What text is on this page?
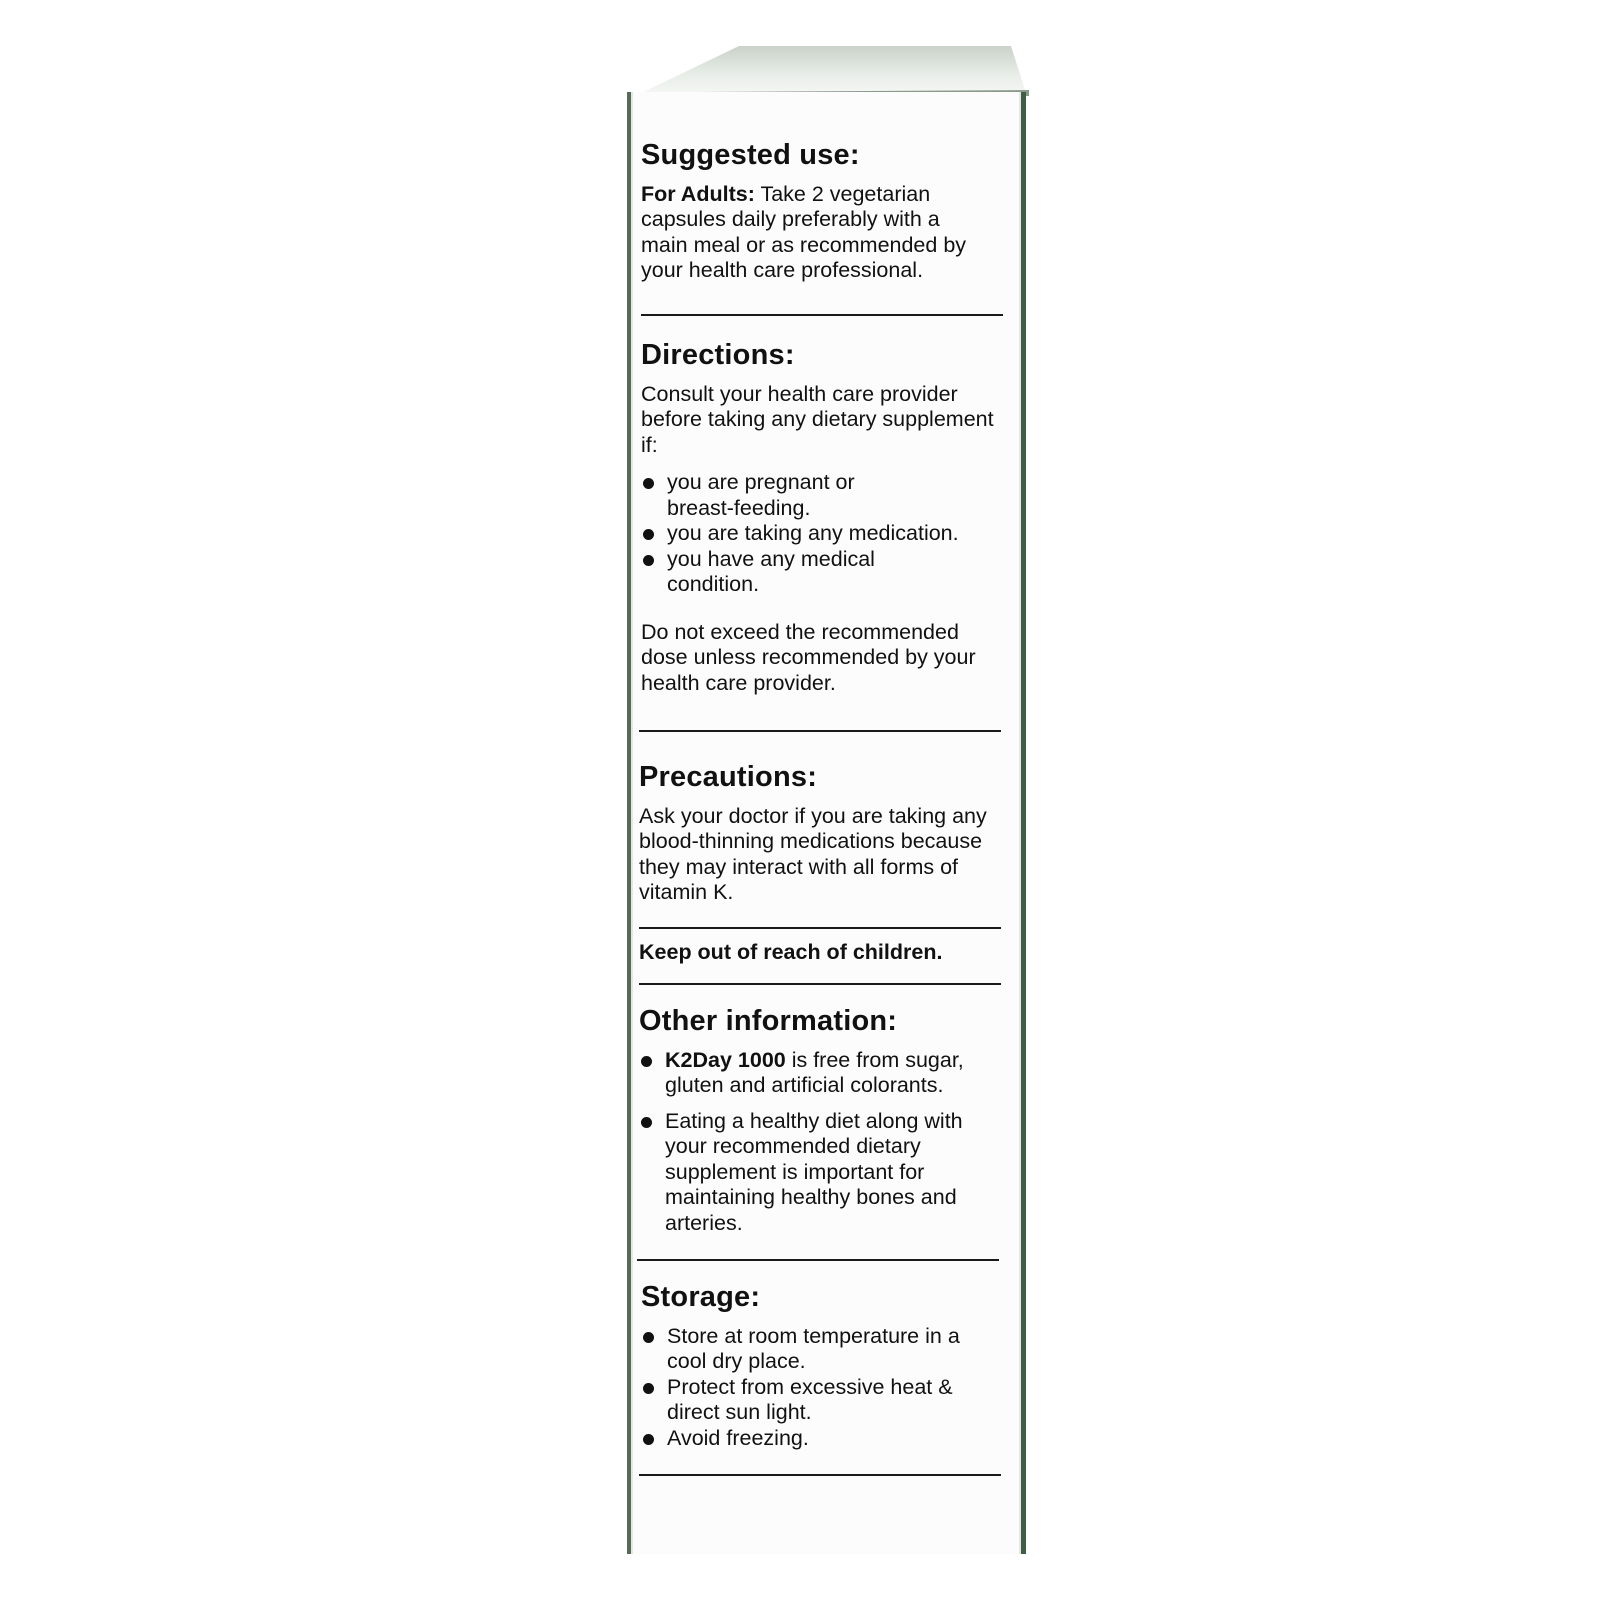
Suggested use:

For Adults: Take 2 vegetarian capsules daily preferably with a main meal or as recommended by your health care professional.

Directions:

Consult your health care provider before taking any dietary supplement if:

you are pregnant or breast-feeding.
you are taking any medication.
you have any medical condition.

Do not exceed the recommended dose unless recommended by your health care provider.

Precautions:

Ask your doctor if you are taking any blood-thinning medications because they may interact with all forms of vitamin K.

Keep out of reach of children.
Other information:
K2Day 1000 is free from sugar, gluten and artificial colorants.
Eating a healthy diet along with your recommended dietary supplement is important for maintaining healthy bones and arteries.
Storage:
Store at room temperature in a cool dry place.
Protect from excessive heat & direct sun light.
Avoid freezing.
